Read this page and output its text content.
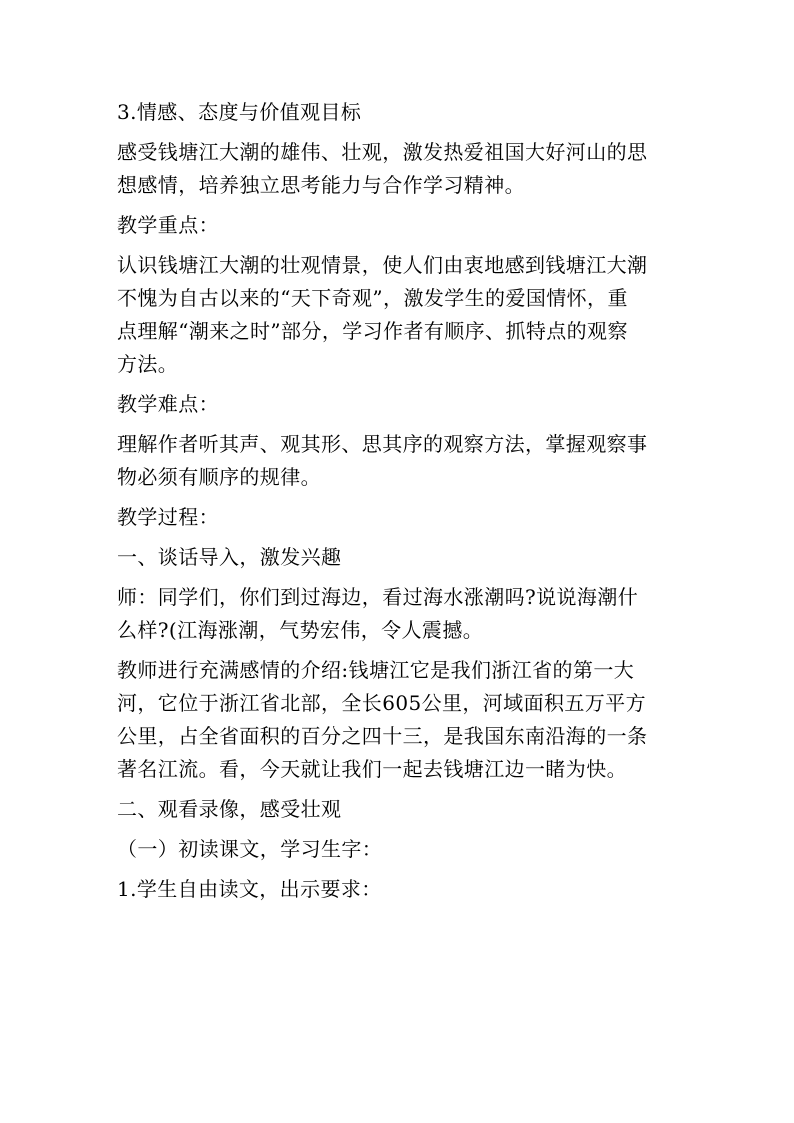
3.情感、态度与价值观目标
感受钱塘江大潮的雄伟、壮观，激发热爱祖国大好河山的思
想感情，培养独立思考能力与合作学习精神。
教学重点：
认识钱塘江大潮的壮观情景，使人们由衷地感到钱塘江大潮
不愧为自古以来的“天下奇观”，激发学生的爱国情怀，重
点理解“潮来之时”部分，学习作者有顺序、抓特点的观察
方法。
教学难点：
理解作者听其声、观其形、思其序的观察方法，掌握观察事
物必须有顺序的规律。
教学过程：
一、谈话导入，激发兴趣
师：同学们，你们到过海边，看过海水涨潮吗?说说海潮什
么样?(江海涨潮，气势宏伟，令人震撼。
教师进行充满感情的介绍:钱塘江它是我们浙江省的第一大
河，它位于浙江省北部，全长605公里，河域面积五万平方
公里，占全省面积的百分之四十三，是我国东南沿海的一条
著名江流。看，今天就让我们一起去钱塘江边一睹为快。
二、观看录像，感受壮观
（一）初读课文，学习生字：
1.学生自由读文，出示要求：
